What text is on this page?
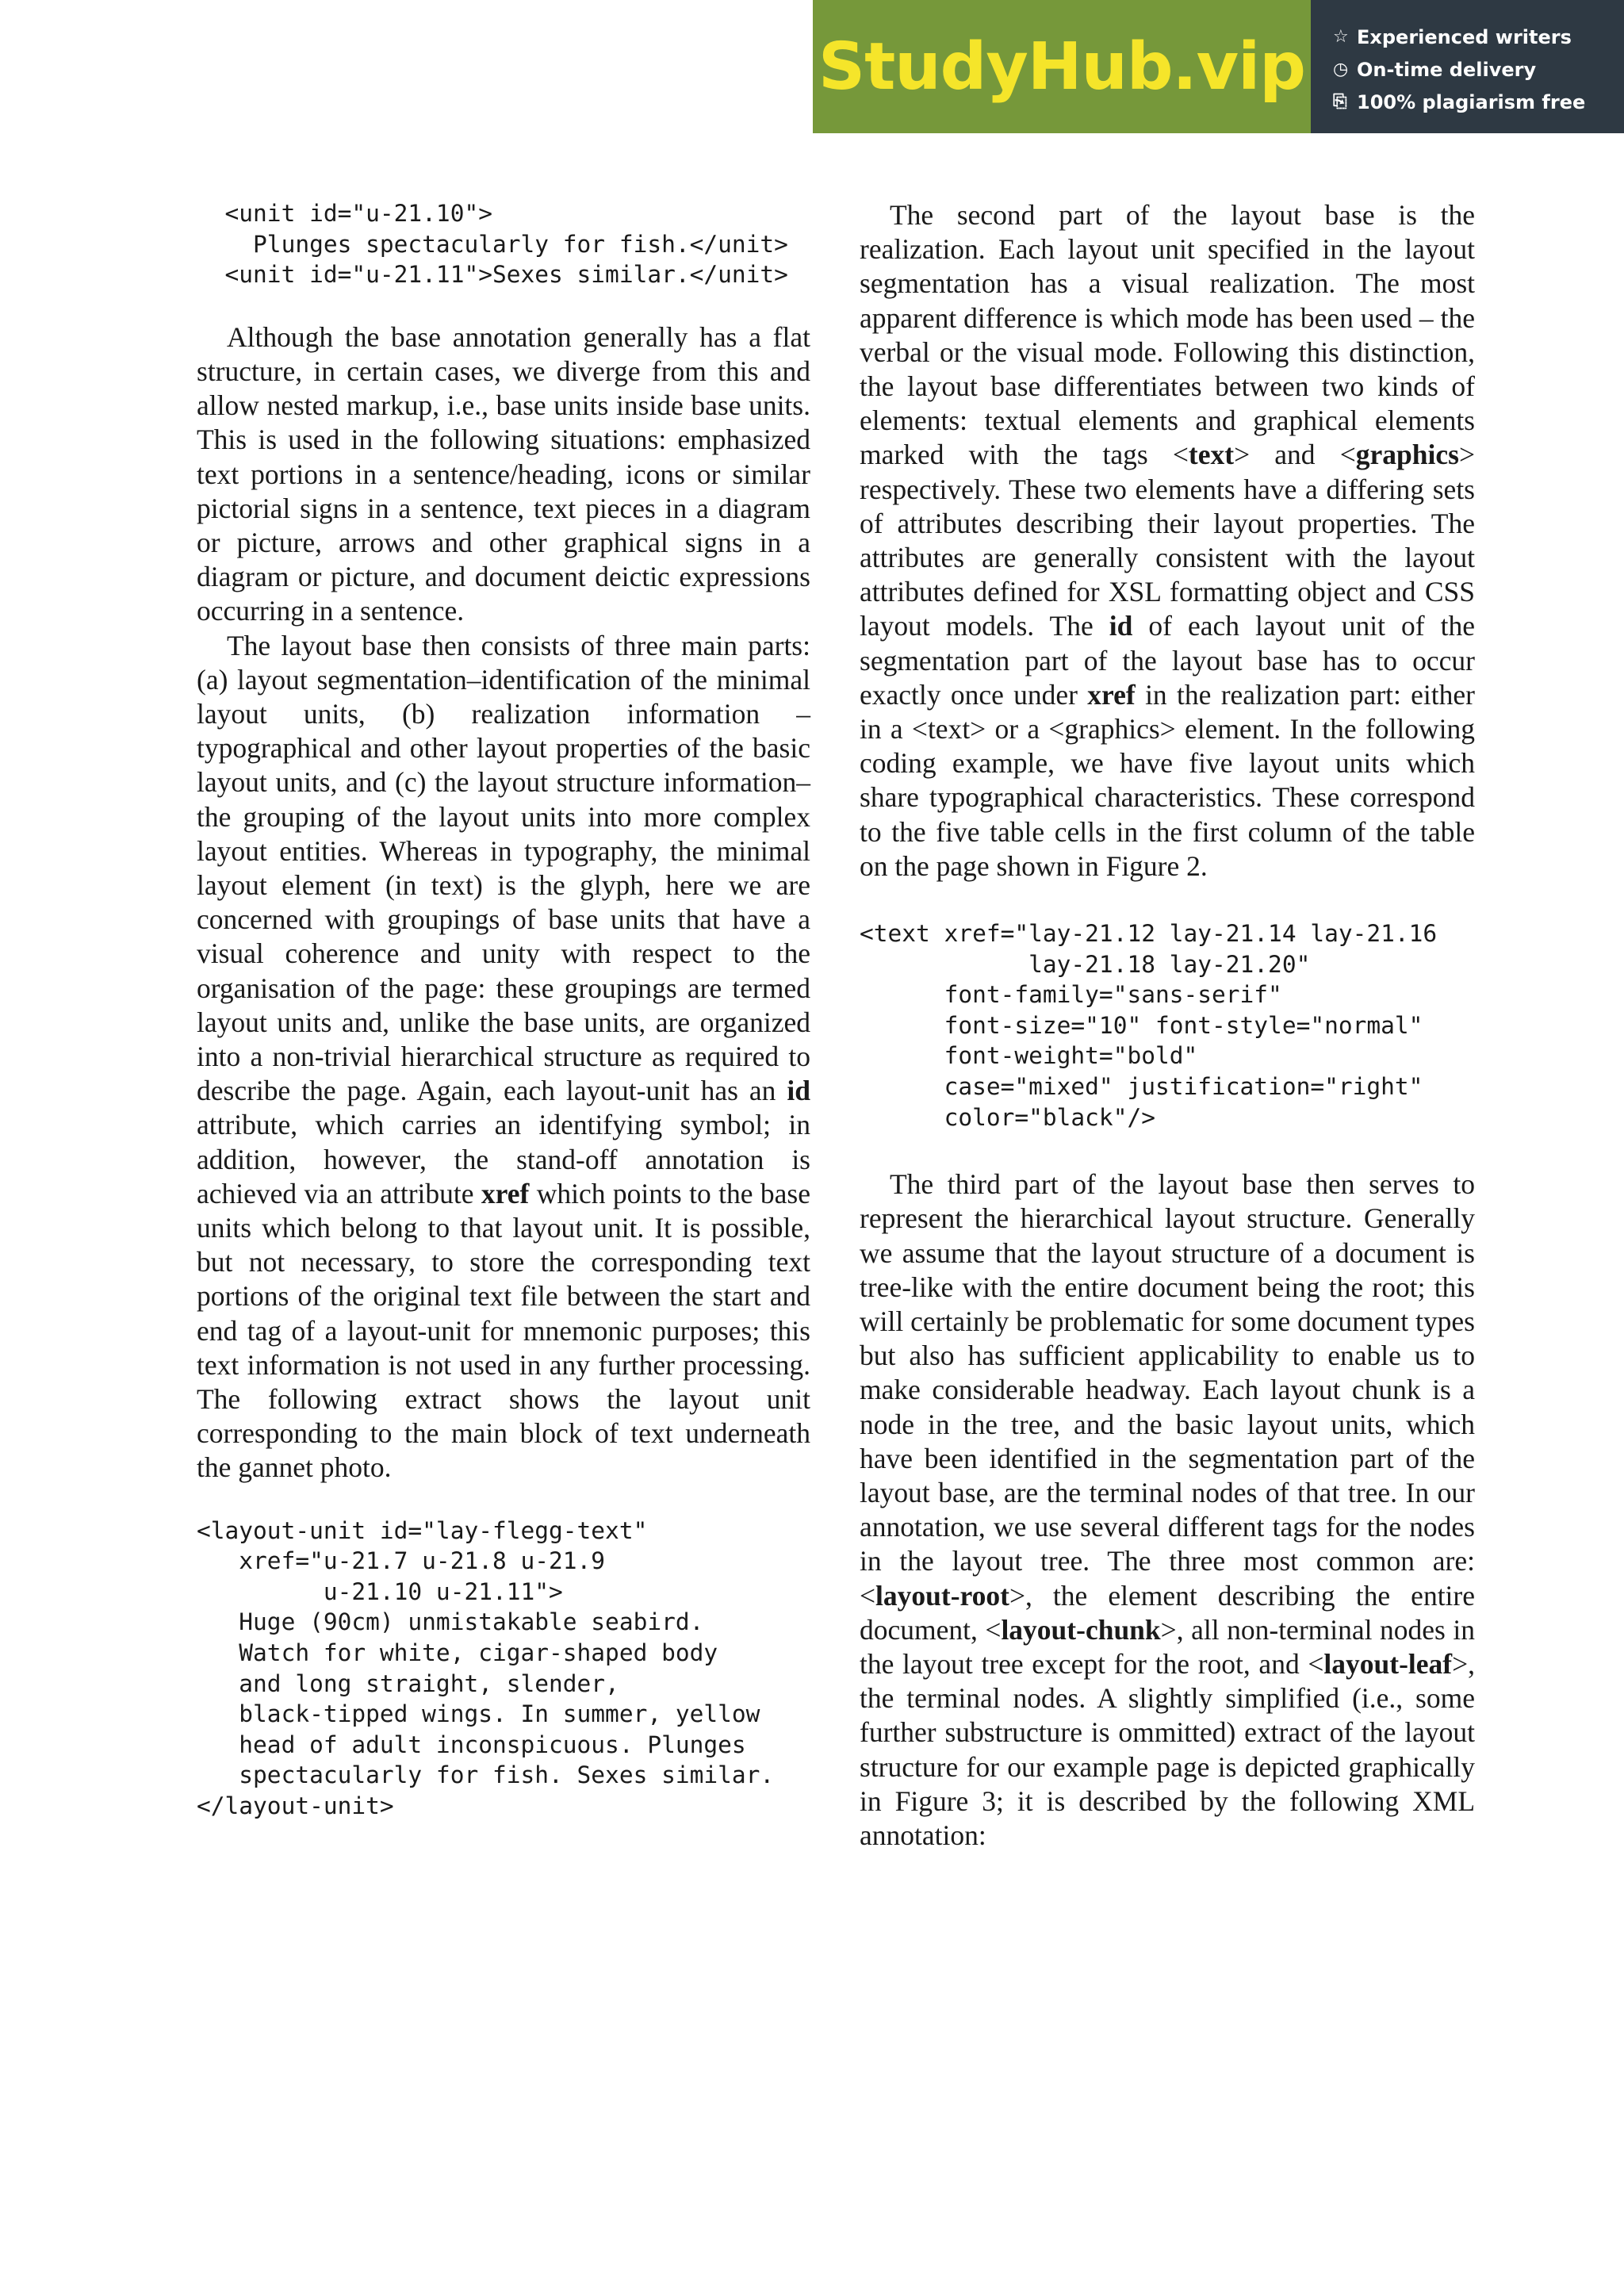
StudyHub.vip ☆ Experienced writers
◷ On-time delivery
⎘ 100% plagiarism free
<unit id="u-21.10">
Plunges spectacularly for fish.</unit>
<unit id="u-21.11">Sexes similar.</unit>

Although the base annotation generally has a flat structure, in certain cases, we diverge from this and allow nested markup, i.e., base units inside base units. This is used in the following situations: emphasized text portions in a sentence/heading, icons or similar pictorial signs in a sentence, text pieces in a diagram or picture, arrows and other graphical signs in a diagram or picture, and document deictic expressions occurring in a sentence.

The layout base then consists of three main parts: (a) layout segmentation–identification of the minimal layout units, (b) realization information – typographical and other layout properties of the basic layout units, and (c) the layout structure information–the grouping of the layout units into more complex layout entities. Whereas in typography, the minimal layout element (in text) is the glyph, here we are concerned with groupings of base units that have a visual coherence and unity with respect to the organisation of the page: these groupings are termed layout units and, unlike the base units, are organized into a non-trivial hierarchical structure as required to describe the page. Again, each layout-unit has an id attribute, which carries an identifying symbol; in addition, however, the stand-off annotation is achieved via an attribute xref which points to the base units which belong to that layout unit. It is possible, but not necessary, to store the corresponding text portions of the original text file between the start and end tag of a layout-unit for mnemonic purposes; this text information is not used in any further processing. The following extract shows the layout unit corresponding to the main block of text underneath the gannet photo.

<layout-unit id="lay-flegg-text"
xref="u-21.7 u-21.8 u-21.9
u-21.10 u-21.11">
Huge (90cm) unmistakable seabird.
Watch for white, cigar-shaped body
and long straight, slender,
black-tipped wings. In summer, yellow
head of adult inconspicuous. Plunges
spectacularly for fish. Sexes similar.
</layout-unit>

The second part of the layout base is the realization. Each layout unit specified in the layout segmentation has a visual realization. The most apparent difference is which mode has been used – the verbal or the visual mode. Following this distinction, the layout base differentiates between two kinds of elements: textual elements and graphical elements marked with the tags <text> and <graphics> respectively. These two elements have a differing sets of attributes describing their layout properties. The attributes are generally consistent with the layout attributes defined for XSL formatting object and CSS layout models. The id of each layout unit of the segmentation part of the layout base has to occur exactly once under xref in the realization part: either in a <text> or a <graphics> element. In the following coding example, we have five layout units which share typographical characteristics. These correspond to the five table cells in the first column of the table on the page shown in Figure 2.

<text xref="lay-21.12 lay-21.14 lay-21.16
lay-21.18 lay-21.20"
font-family="sans-serif"
font-size="10" font-style="normal"
font-weight="bold"
case="mixed" justification="right"
color="black"/>

The third part of the layout base then serves to represent the hierarchical layout structure. Generally we assume that the layout structure of a document is tree-like with the entire document being the root; this will certainly be problematic for some document types but also has sufficient applicability to enable us to make considerable headway. Each layout chunk is a node in the tree, and the basic layout units, which have been identified in the segmentation part of the layout base, are the terminal nodes of that tree. In our annotation, we use several different tags for the nodes in the layout tree. The three most common are: <layout-root>, the element describing the entire document, <layout-chunk>, all non-terminal nodes in the layout tree except for the root, and <layout-leaf>, the terminal nodes. A slightly simplified (i.e., some further substructure is ommitted) extract of the layout structure for our example page is depicted graphically in Figure 3; it is described by the following XML annotation:
